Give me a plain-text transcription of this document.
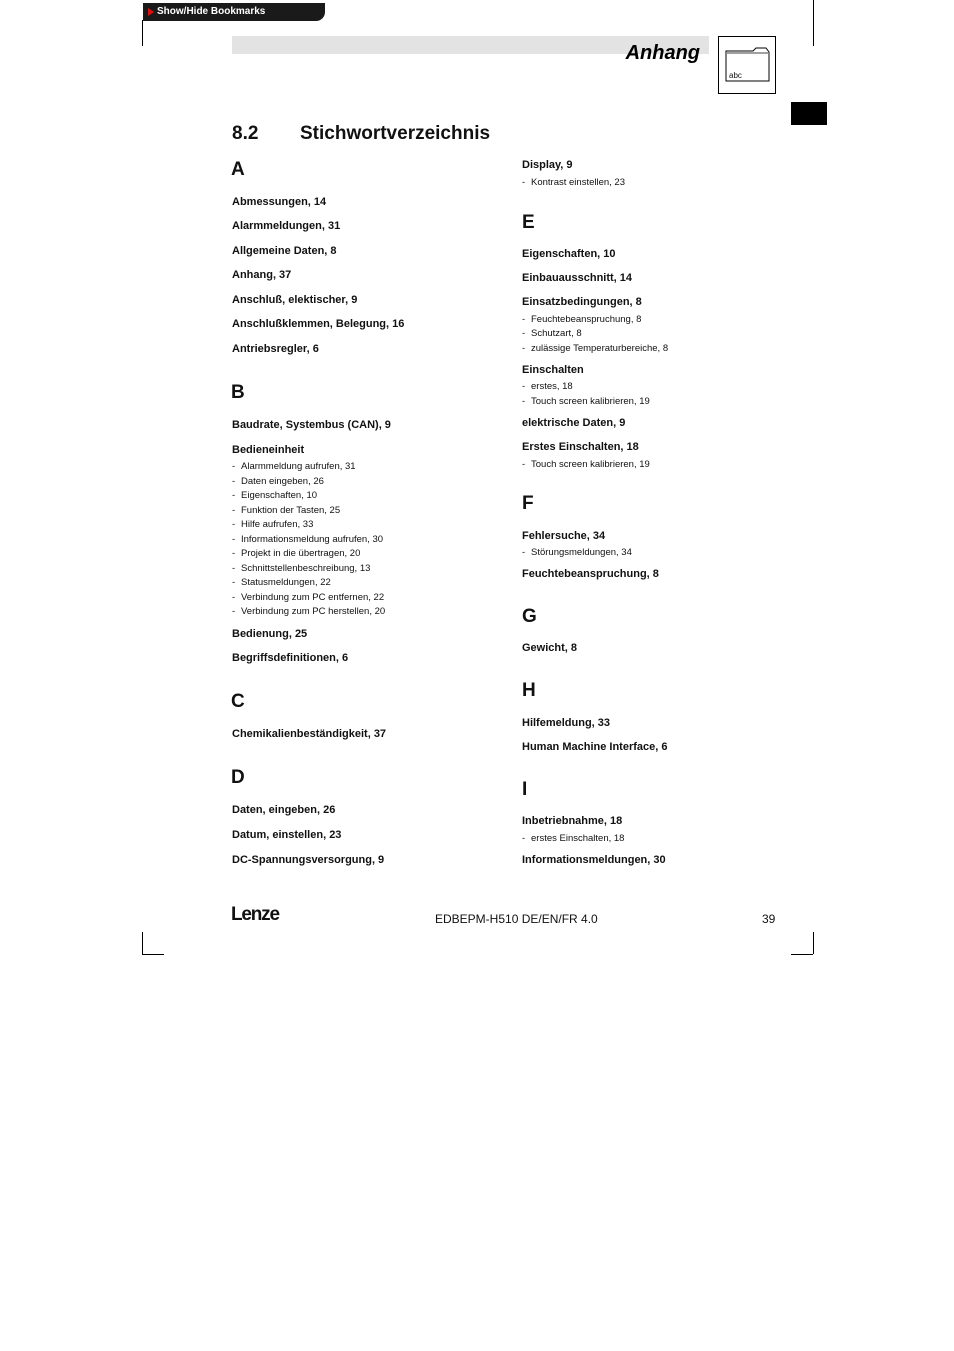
Show/Hide Bookmarks
Anhang
abc
8.2 Stichwortverzeichnis
A
Abmessungen, 14
Alarmmeldungen, 31
Allgemeine Daten, 8
Anhang, 37
Anschluß, elektischer, 9
Anschlußklemmen, Belegung, 16
Antriebsregler, 6
B
Baudrate, Systembus (CAN), 9
Bedieneinheit
- Alarmmeldung aufrufen, 31
- Daten eingeben, 26
- Eigenschaften, 10
- Funktion der Tasten, 25
- Hilfe aufrufen, 33
- Informationsmeldung aufrufen, 30
- Projekt in die übertragen, 20
- Schnittstellenbeschreibung, 13
- Statusmeldungen, 22
- Verbindung zum PC entfernen, 22
- Verbindung zum PC herstellen, 20
Bedienung, 25
Begriffsdefinitionen, 6
C
Chemikalienbeständigkeit, 37
D
Daten, eingeben, 26
Datum, einstellen, 23
DC-Spannungsversorgung, 9
Display, 9
- Kontrast einstellen, 23
E
Eigenschaften, 10
Einbauausschnitt, 14
Einsatzbedingungen, 8
- Feuchtebeanspruchung, 8
- Schutzart, 8
- zulässige Temperaturbereiche, 8
Einschalten
- erstes, 18
- Touch screen kalibrieren, 19
elektrische Daten, 9
Erstes Einschalten, 18
- Touch screen kalibrieren, 19
F
Fehlersuche, 34
- Störungsmeldungen, 34
Feuchtebeanspruchung, 8
G
Gewicht, 8
H
Hilfemeldung, 33
Human Machine Interface, 6
I
Inbetriebnahme, 18
- erstes Einschalten, 18
Informationsmeldungen, 30
Lenze	EDBEPM-H510 DE/EN/FR 4.0	39
